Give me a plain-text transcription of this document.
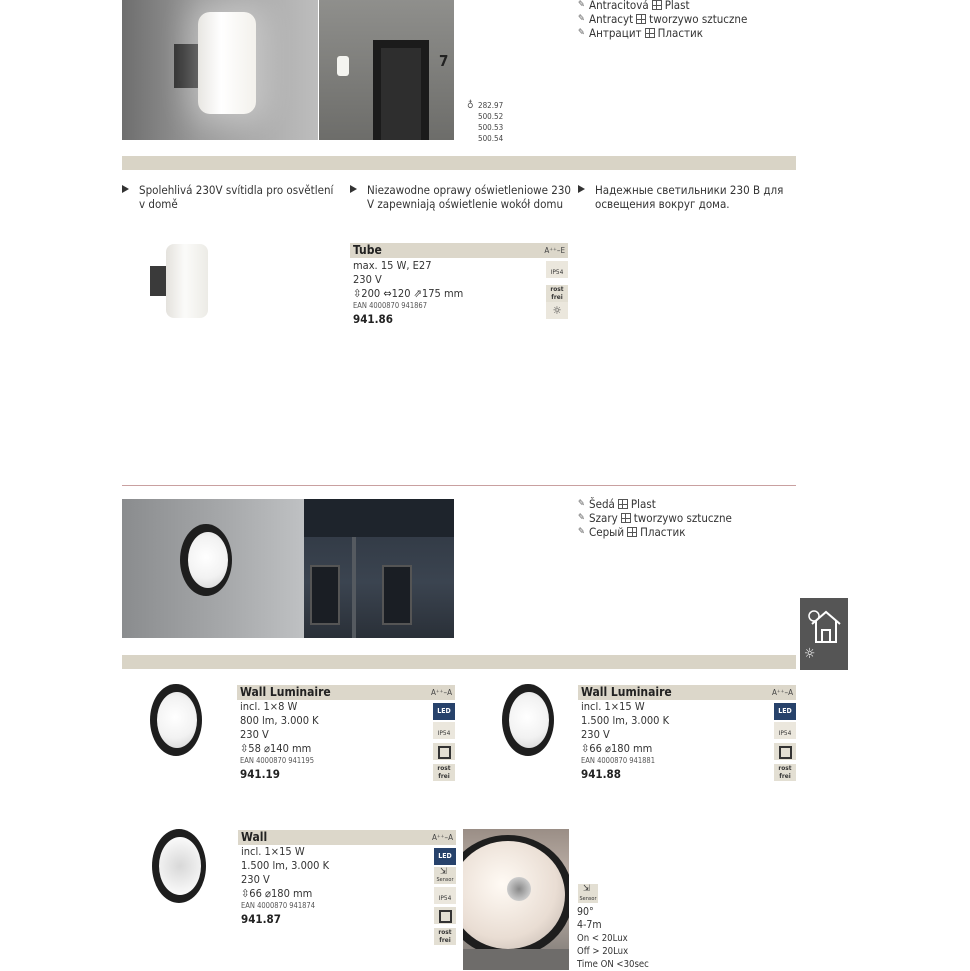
7
✎ Antracitová Plast
✎ Antracyt tworzywo sztuczne
✎ Антрацит Пластик
♁ 282.97
500.52
500.53
500.54
Spolehlivá 230V svítidla pro osvětlení v domě
Niezawodne oprawy oświetleniowe 230 V zapewniają oświetlenie wokół domu
Надежные светильники 230 В для освещения вокруг дома.
Tube	A⁺⁺–E
max. 15 W, E27
230 V
⇳200 ⇔120 ⇗175 mm
EAN 4000870 941867
941.86
IP54
rost frei
☼
✎ Šedá Plast
✎ Szary tworzywo sztuczne
✎ Серый Пластик
☼
Wall Luminaire	A⁺⁺–A
incl. 1×8 W
800 lm, 3.000 K
230 V
⇳58 ⌀140 mm
EAN 4000870 941195
941.19
LED
IP54
rost frei
Wall Luminaire	A⁺⁺–A
incl. 1×15 W
1.500 lm, 3.000 K
230 V
⇳66 ⌀180 mm
EAN 4000870 941881
941.88
LED
IP54
rost frei
Wall	A⁺⁺–A
incl. 1×15 W
1.500 lm, 3.000 K
230 V
⇳66 ⌀180 mm
EAN 4000870 941874
941.87
LED
Sensor
⇲
IP54
rost frei
Sensor
⇲
90°
4-7m
On < 20Lux
Off > 20Lux
Time ON <30sec
